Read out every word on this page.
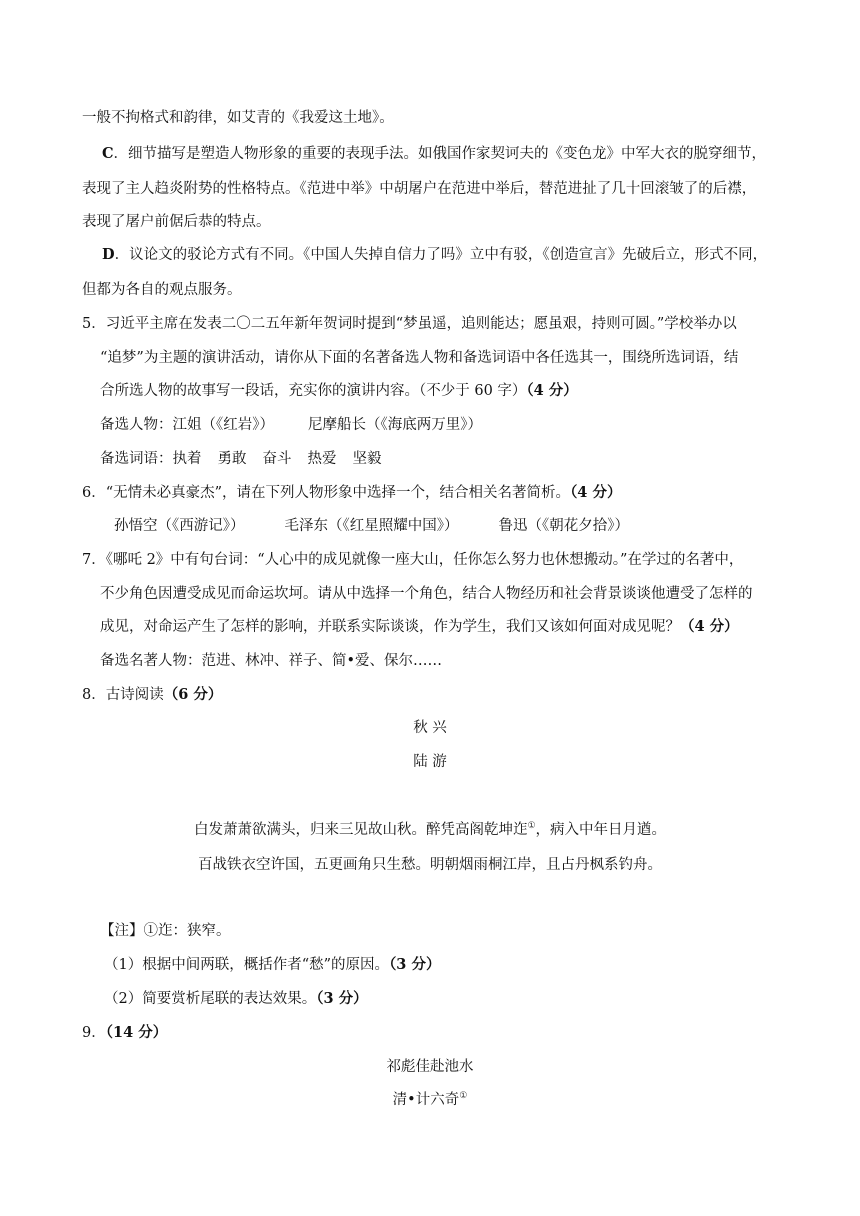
一般不拘格式和韵律，如艾青的《我爱这土地》。
C．细节描写是塑造人物形象的重要的表现手法。如俄国作家契诃夫的《变色龙》中军大衣的脱穿细节，
表现了主人趋炎附势的性格特点。《范进中举》中胡屠户在范进中举后，替范进扯了几十回滚皱了的后襟，
表现了屠户前倨后恭的特点。
D．议论文的驳论方式有不同。《中国人失掉自信力了吗》立中有驳，《创造宣言》先破后立，形式不同，
但都为各自的观点服务。
5．习近平主席在发表二〇二五年新年贺词时提到“梦虽遥，追则能达；愿虽艰，持则可圆。”学校举办以
“追梦”为主题的演讲活动，请你从下面的名著备选人物和备选词语中各任选其一，围绕所选词语，结
合所选人物的故事写一段话，充实你的演讲内容。（不少于 60 字）（4 分）
备选人物：江姐（《红岩》） 尼摩船长（《海底两万里》）
备选词语：执着 勇敢 奋斗 热爱 坚毅
6．“无情未必真豪杰”，请在下列人物形象中选择一个，结合相关名著简析。（4 分）
孙悟空（《西游记》）	毛泽东（《红星照耀中国》）	鲁迅（《朝花夕拾》）
7．《哪吒 2》中有句台词：“人心中的成见就像一座大山，任你怎么努力也休想搬动。”在学过的名著中，
不少角色因遭受成见而命运坎坷。请从中选择一个角色，结合人物经历和社会背景谈谈他遭受了怎样的
成见，对命运产生了怎样的影响，并联系实际谈谈，作为学生，我们又该如何面对成见呢？（4 分）
备选名著人物：范进、林冲、祥子、简•爱、保尔……
8．古诗阅读（6 分）
秋 兴
陆 游
白发萧萧欲满头，归来三见故山秋。醉凭高阁乾坤迮①，病入中年日月遒。
百战铁衣空许国，五更画角只生愁。明朝烟雨桐江岸，且占丹枫系钓舟。
【注】①迮：狭窄。
（1）根据中间两联，概括作者“愁”的原因。（3 分）
（2）简要赏析尾联的表达效果。（3 分）
9．（14 分）
祁彪佳赴池水
清•计六奇①
